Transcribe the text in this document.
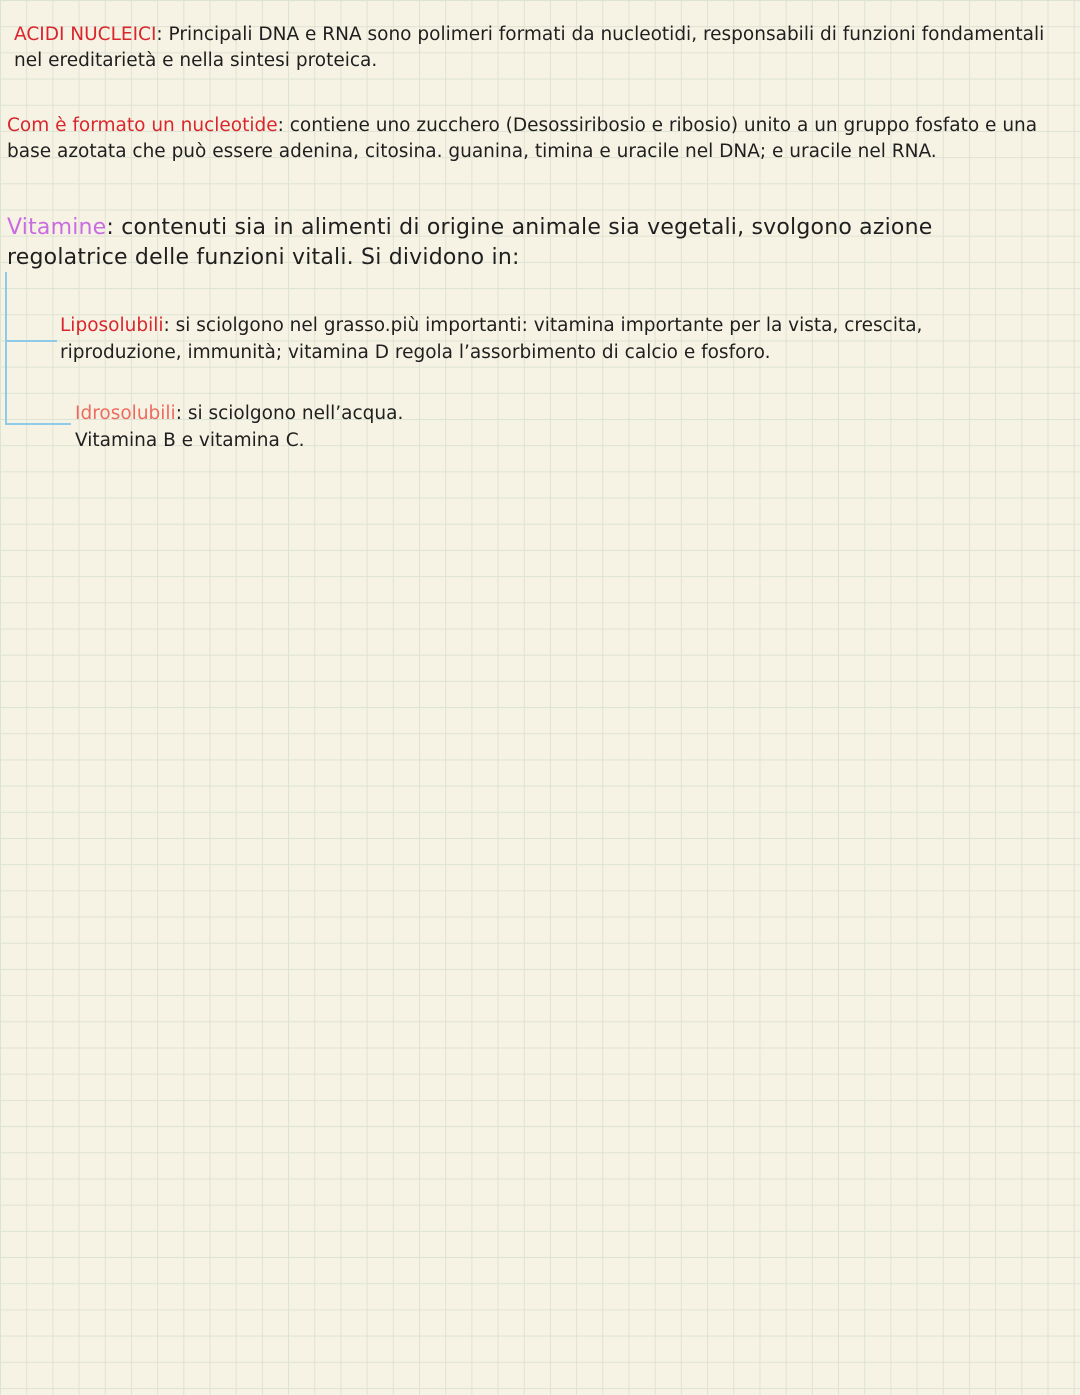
ACIDI NUCLEICI: Principali DNA e RNA sono polimeri formati da nucleotidi, responsabili di funzioni fondamentali nel ereditarietà e nella sintesi proteica.

Com è formato un nucleotide: contiene uno zucchero (Desossiribosio e ribosio) unito a un gruppo fosfato e una base azotata che può essere adenina, citosina. guanina, timina e uracile nel DNA; e uracile nel RNA.

Vitamine: contenuti sia in alimenti di origine animale sia vegetali, svolgono azione regolatrice delle funzioni vitali. Si dividono in:

Liposolubili: si sciolgono nel grasso.più importanti: vitamina importante per la vista, crescita, riproduzione, immunità; vitamina D regola l’assorbimento di calcio e fosforo.

Idrosolubili: si sciolgono nell’acqua.
Vitamina B e vitamina C.
